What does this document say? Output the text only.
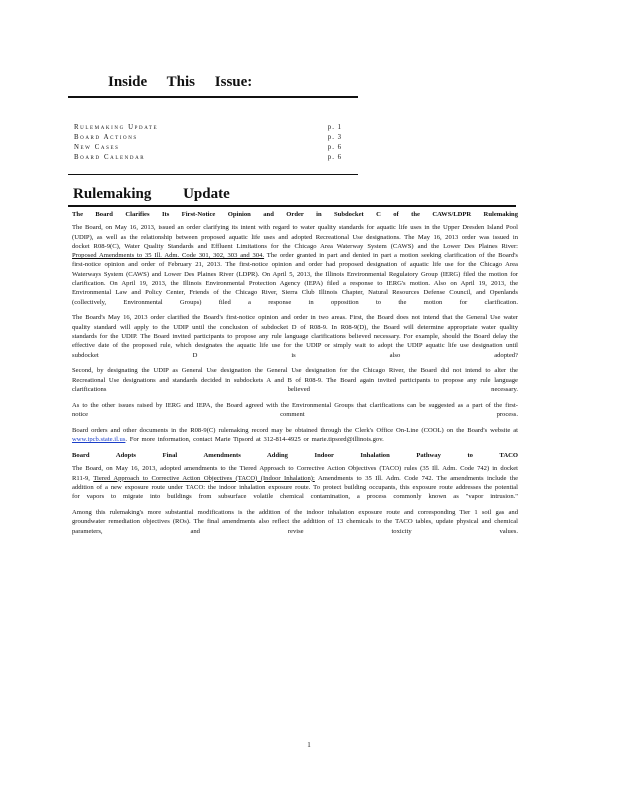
Inside This Issue:
Rulemaking Update	p. 1
Board Actions	p. 3
New Cases	p. 6
Board Calendar	p. 6
Rulemaking Update
The Board Clarifies Its First-Notice Opinion and Order in Subdocket C of the CAWS/LDPR Rulemaking

The Board, on May 16, 2013, issued an order clarifying its intent with regard to water quality standards for aquatic life uses in the Upper Dresden Island Pool (UDIP), as well as the relationship between proposed aquatic life uses and adopted Recreational Use designations. The May 16, 2013 order was issued in docket R08-9(C), Water Quality Standards and Effluent Limitations for the Chicago Area Waterway System (CAWS) and the Lower Des Plaines River: Proposed Amendments to 35 Ill. Adm. Code 301, 302, 303 and 304. The order granted in part and denied in part a motion seeking clarification of the Board's first-notice opinion and order of February 21, 2013. The first-notice opinion and order had proposed designation of aquatic life use for the Chicago Area Waterways System (CAWS) and Lower Des Plaines River (LDPR). On April 5, 2013, the Illinois Environmental Regulatory Group (IERG) filed the motion for clarification. On April 19, 2013, the Illinois Environmental Protection Agency (IEPA) filed a response to IERG's motion. Also on April 19, 2013, the Environmental Law and Policy Center, Friends of the Chicago River, Sierra Club Illinois Chapter, Natural Resources Defense Council, and Openlands (collectively, Environmental Groups) filed a response in opposition to the motion for clarification.

The Board's May 16, 2013 order clarified the Board's first-notice opinion and order in two areas. First, the Board does not intend that the General Use water quality standard will apply to the UDIP until the conclusion of subdocket D of R08-9. In R08-9(D), the Board will determine appropriate water quality standards for the UDIP. The Board invited participants to propose any rule language clarifications believed necessary. For example, should the Board delay the effective date of the proposed rule, which designates the aquatic life use for the UDIP or simply wait to adopt the UDIP aquatic life use designation until subdocket D is also adopted?

Second, by designating the UDIP as General Use designation the General Use designation for the Chicago River, the Board did not intend to alter the Recreational Use designations and standards decided in subdockets A and B of R08-9. The Board again invited participants to propose any rule language clarifications believed necessary.

As to the other issues raised by IERG and IEPA, the Board agreed with the Environmental Groups that clarifications can be suggested as a part of the first-notice comment process.

Board orders and other documents in the R08-9(C) rulemaking record may be obtained through the Clerk's Office On-Line (COOL) on the Board's website at www.ipcb.state.il.us. For more information, contact Marie Tipsord at 312-814-4925 or marie.tipsord@illinois.gov.

Board Adopts Final Amendments Adding Indoor Inhalation Pathway to TACO

The Board, on May 16, 2013, adopted amendments to the Tiered Approach to Corrective Action Objectives (TACO) rules (35 Ill. Adm. Code 742) in docket R11-9, Tiered Approach to Corrective Action Objectives (TACO) (Indoor Inhalation): Amendments to 35 Ill. Adm. Code 742. The amendments include the addition of a new exposure route under TACO: the indoor inhalation exposure route. To protect building occupants, this exposure route addresses the potential for vapors to migrate into buildings from subsurface volatile chemical contamination, a process commonly known as "vapor intrusion."

Among this rulemaking's more substantial modifications is the addition of the indoor inhalation exposure route and corresponding Tier 1 soil gas and groundwater remediation objectives (ROs). The final amendments also reflect the addition of 13 chemicals to the TACO tables, update physical and chemical parameters, and revise toxicity values.

1
